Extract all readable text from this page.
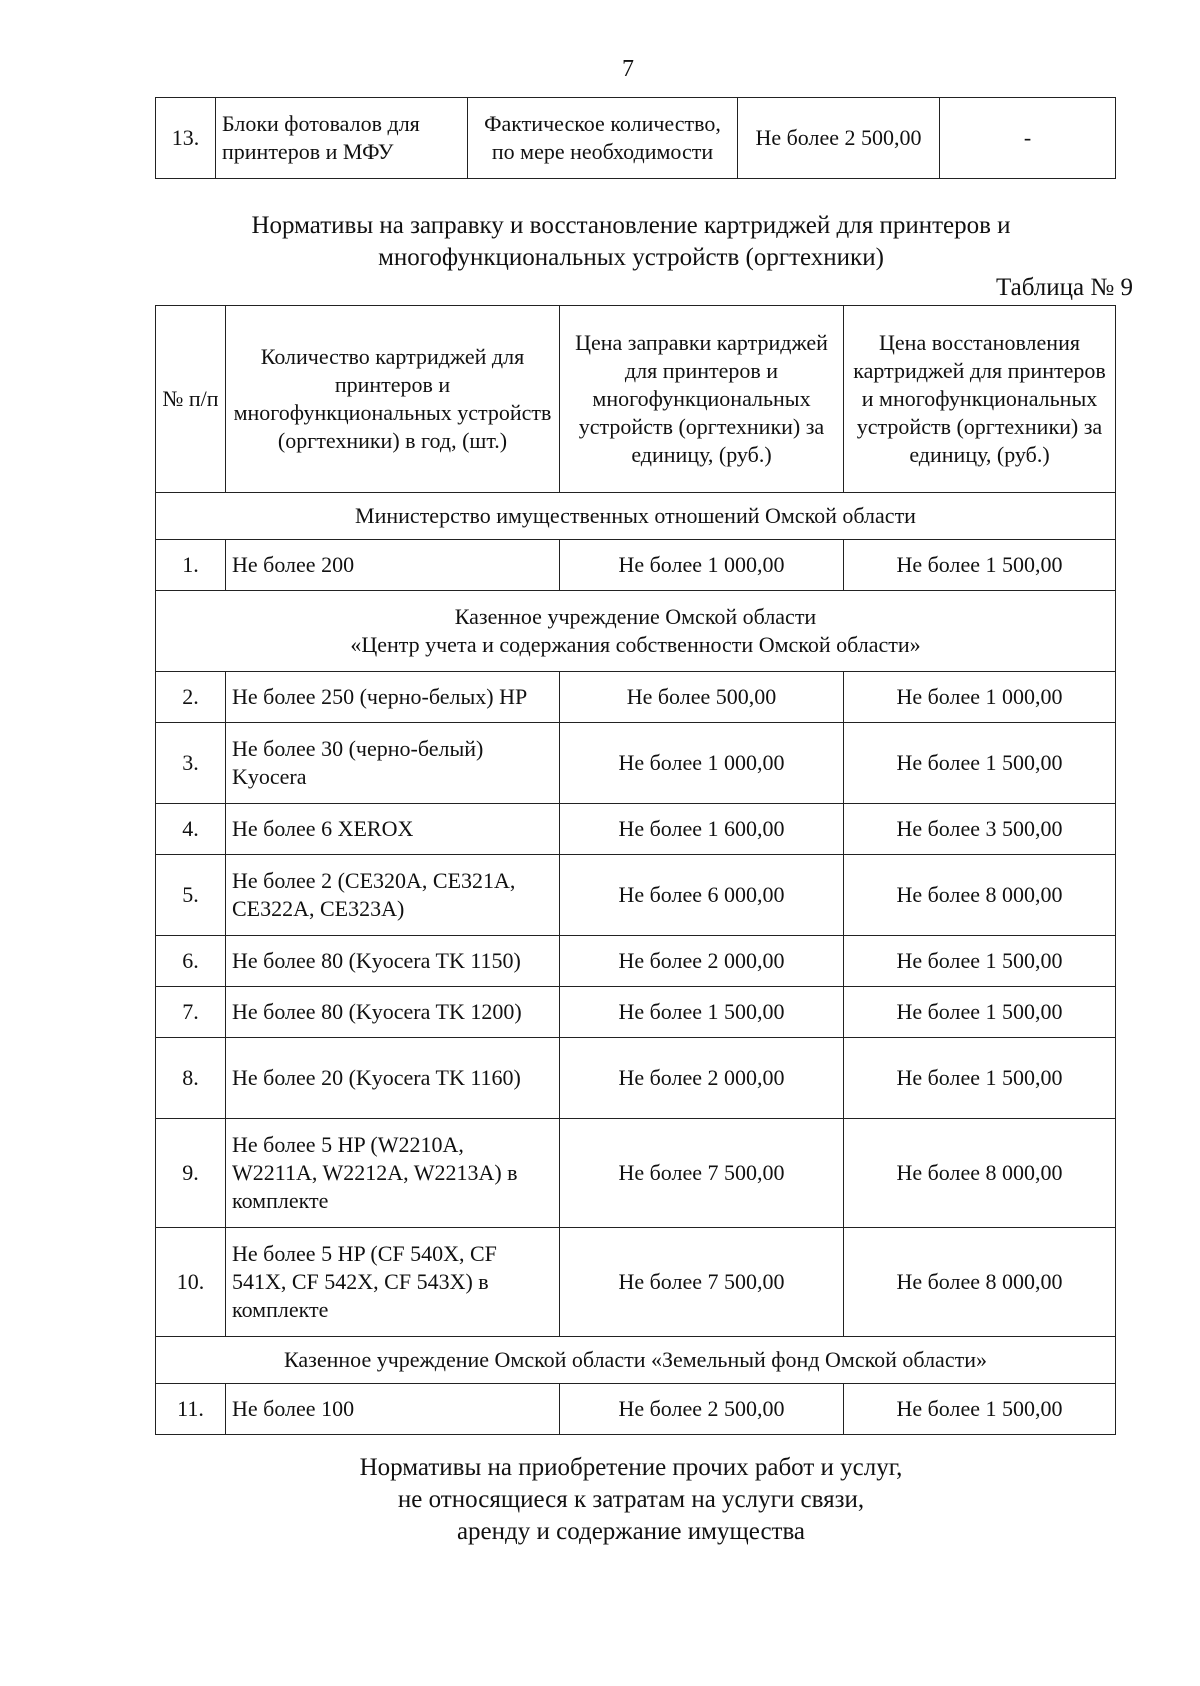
7
13.	Блоки фотовалов для принтеров и МФУ	Фактическое количество, по мере необходимости	Не более 2 500,00	-
Нормативы на заправку и восстановление картриджей для принтеров и многофункциональных устройств (оргтехники)
Таблица № 9
№ п/п	Количество картриджей для принтеров и многофункциональных устройств (оргтехники) в год, (шт.)	Цена заправки картриджей для принтеров и многофункциональных устройств (оргтехники) за единицу, (руб.)	Цена восстановления картриджей для принтеров и многофункциональных устройств (оргтехники) за единицу, (руб.)
Министерство имущественных отношений Омской области			
1.	Не более 200	Не более 1 000,00	Не более 1 500,00

Казенное учреждение Омской области
«Центр учета и содержания собственности Омской области»			

2.	Не более 250 (черно-белых) HP	Не более 500,00	Не более 1 000,00
3.	Не более 30 (черно-белый) Kyocera	Не более 1 000,00	Не более 1 500,00
4.	Не более 6 XEROX	Не более 1 600,00	Не более 3 500,00
5.	Не более 2 (CE320A, CE321A, CE322A, CE323A)	Не более 6 000,00	Не более 8 000,00
6.	Не более 80 (Kyocera TK 1150)	Не более 2 000,00	Не более 1 500,00
7.	Не более 80 (Kyocera TK 1200)	Не более 1 500,00	Не более 1 500,00
8.	Не более 20 (Kyocera TK 1160)	Не более 2 000,00	Не более 1 500,00
9.	Не более 5 HP (W2210A, W2211A, W2212A, W2213A) в комплекте	Не более 7 500,00	Не более 8 000,00
10.	Не более 5 HP (CF 540X, CF 541X, CF 542X, CF 543X) в комплекте	Не более 7 500,00	Не более 8 000,00
Казенное учреждение Омской области «Земельный фонд Омской области»			
11.	Не более 100	Не более 2 500,00	Не более 1 500,00
Нормативы на приобретение прочих работ и услуг,
не относящиеся к затратам на услуги связи,
аренду и содержание имущества
